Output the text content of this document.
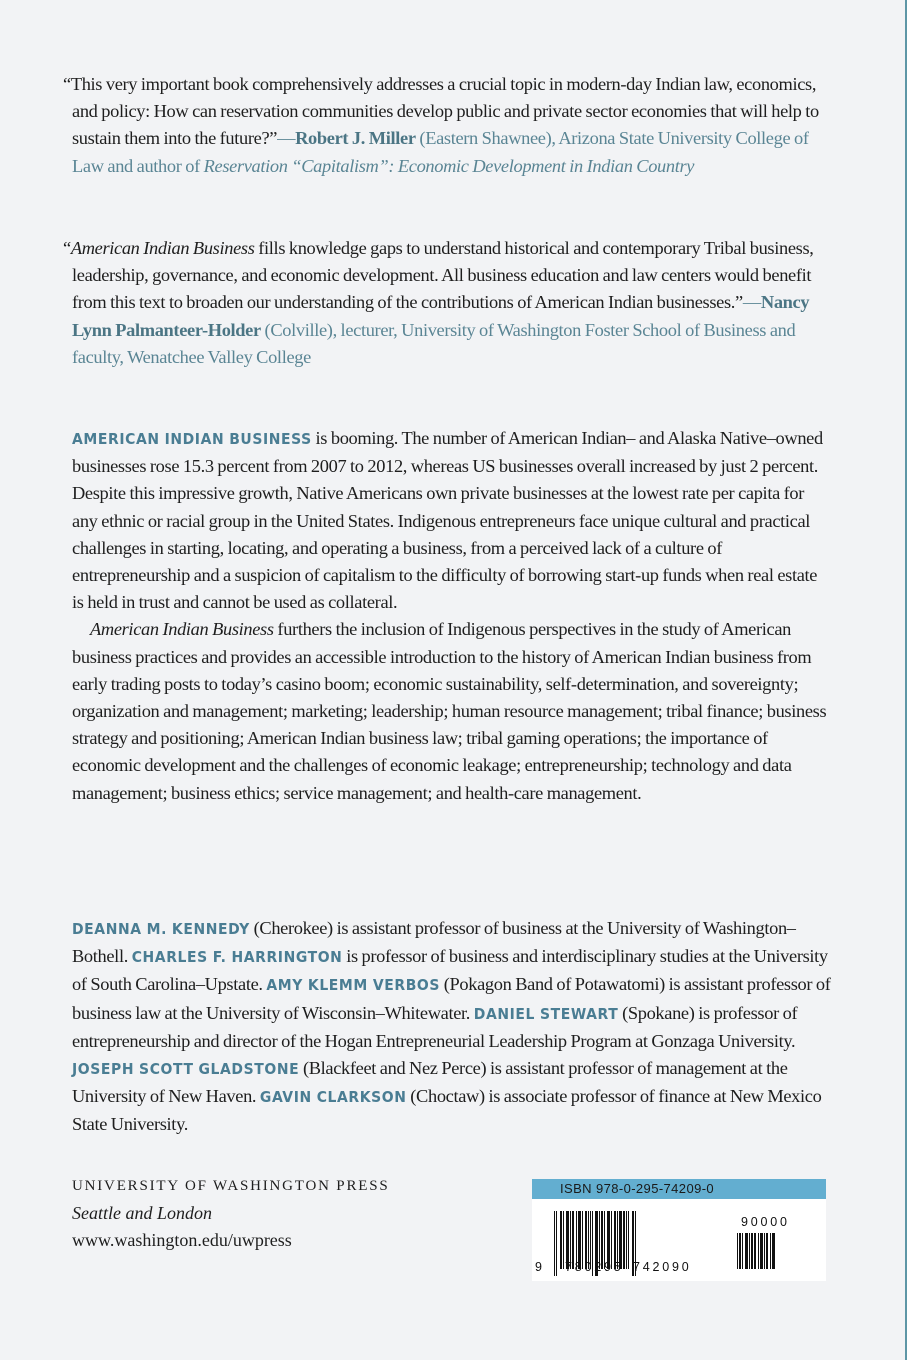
“This very important book comprehensively addresses a crucial topic in modern-day Indian law, economics, and policy: How can reservation communities develop public and private sector economies that will help to sustain them into the future?”—Robert J. Miller (Eastern Shawnee), Arizona State University College of Law and author of Reservation “Capitalism”: Economic Development in Indian Country

“American Indian Business fills knowledge gaps to understand historical and contemporary Tribal business, leadership, governance, and economic development. All business education and law centers would benefit from this text to broaden our understanding of the contributions of American Indian businesses.”—Nancy Lynn Palmanteer-Holder (Colville), lecturer, University of Washington Foster School of Business and faculty, Wenatchee Valley College

AMERICAN INDIAN BUSINESS is booming. The number of American Indian– and Alaska Native–owned businesses rose 15.3 percent from 2007 to 2012, whereas US businesses overall increased by just 2 percent. Despite this impressive growth, Native Americans own private businesses at the lowest rate per capita for any ethnic or racial group in the United States. Indigenous entrepreneurs face unique cultural and practical challenges in starting, locating, and operating a business, from a perceived lack of a culture of entrepreneurship and a suspicion of capitalism to the difficulty of borrowing start-up funds when real estate is held in trust and cannot be used as collateral.

American Indian Business furthers the inclusion of Indigenous perspectives in the study of American business practices and provides an accessible introduction to the history of American Indian business from early trading posts to today’s casino boom; economic sustainability, self-determination, and sovereignty; organization and management; marketing; leadership; human resource management; tribal finance; business strategy and positioning; American Indian business law; tribal gaming operations; the importance of economic development and the challenges of economic leakage; entrepreneurship; technology and data management; business ethics; service management; and health-care management.

DEANNA M. KENNEDY (Cherokee) is assistant professor of business at the University of Washington–Bothell. CHARLES F. HARRINGTON is professor of business and interdisciplinary studies at the University of South Carolina–Upstate. AMY KLEMM VERBOS (Pokagon Band of Potawatomi) is assistant professor of business law at the University of Wisconsin–Whitewater. DANIEL STEWART (Spokane) is professor of entrepreneurship and director of the Hogan Entrepreneurial Leadership Program at Gonzaga University. JOSEPH SCOTT GLADSTONE (Blackfeet and Nez Perce) is assistant professor of management at the University of New Haven. GAVIN CLARKSON (Choctaw) is associate professor of finance at New Mexico State University.

UNIVERSITY OF WASHINGTON PRESS
Seattle and London
www.washington.edu/uwpress
ISBN 978-0-295-74209-0
9 780295 742090
90000
